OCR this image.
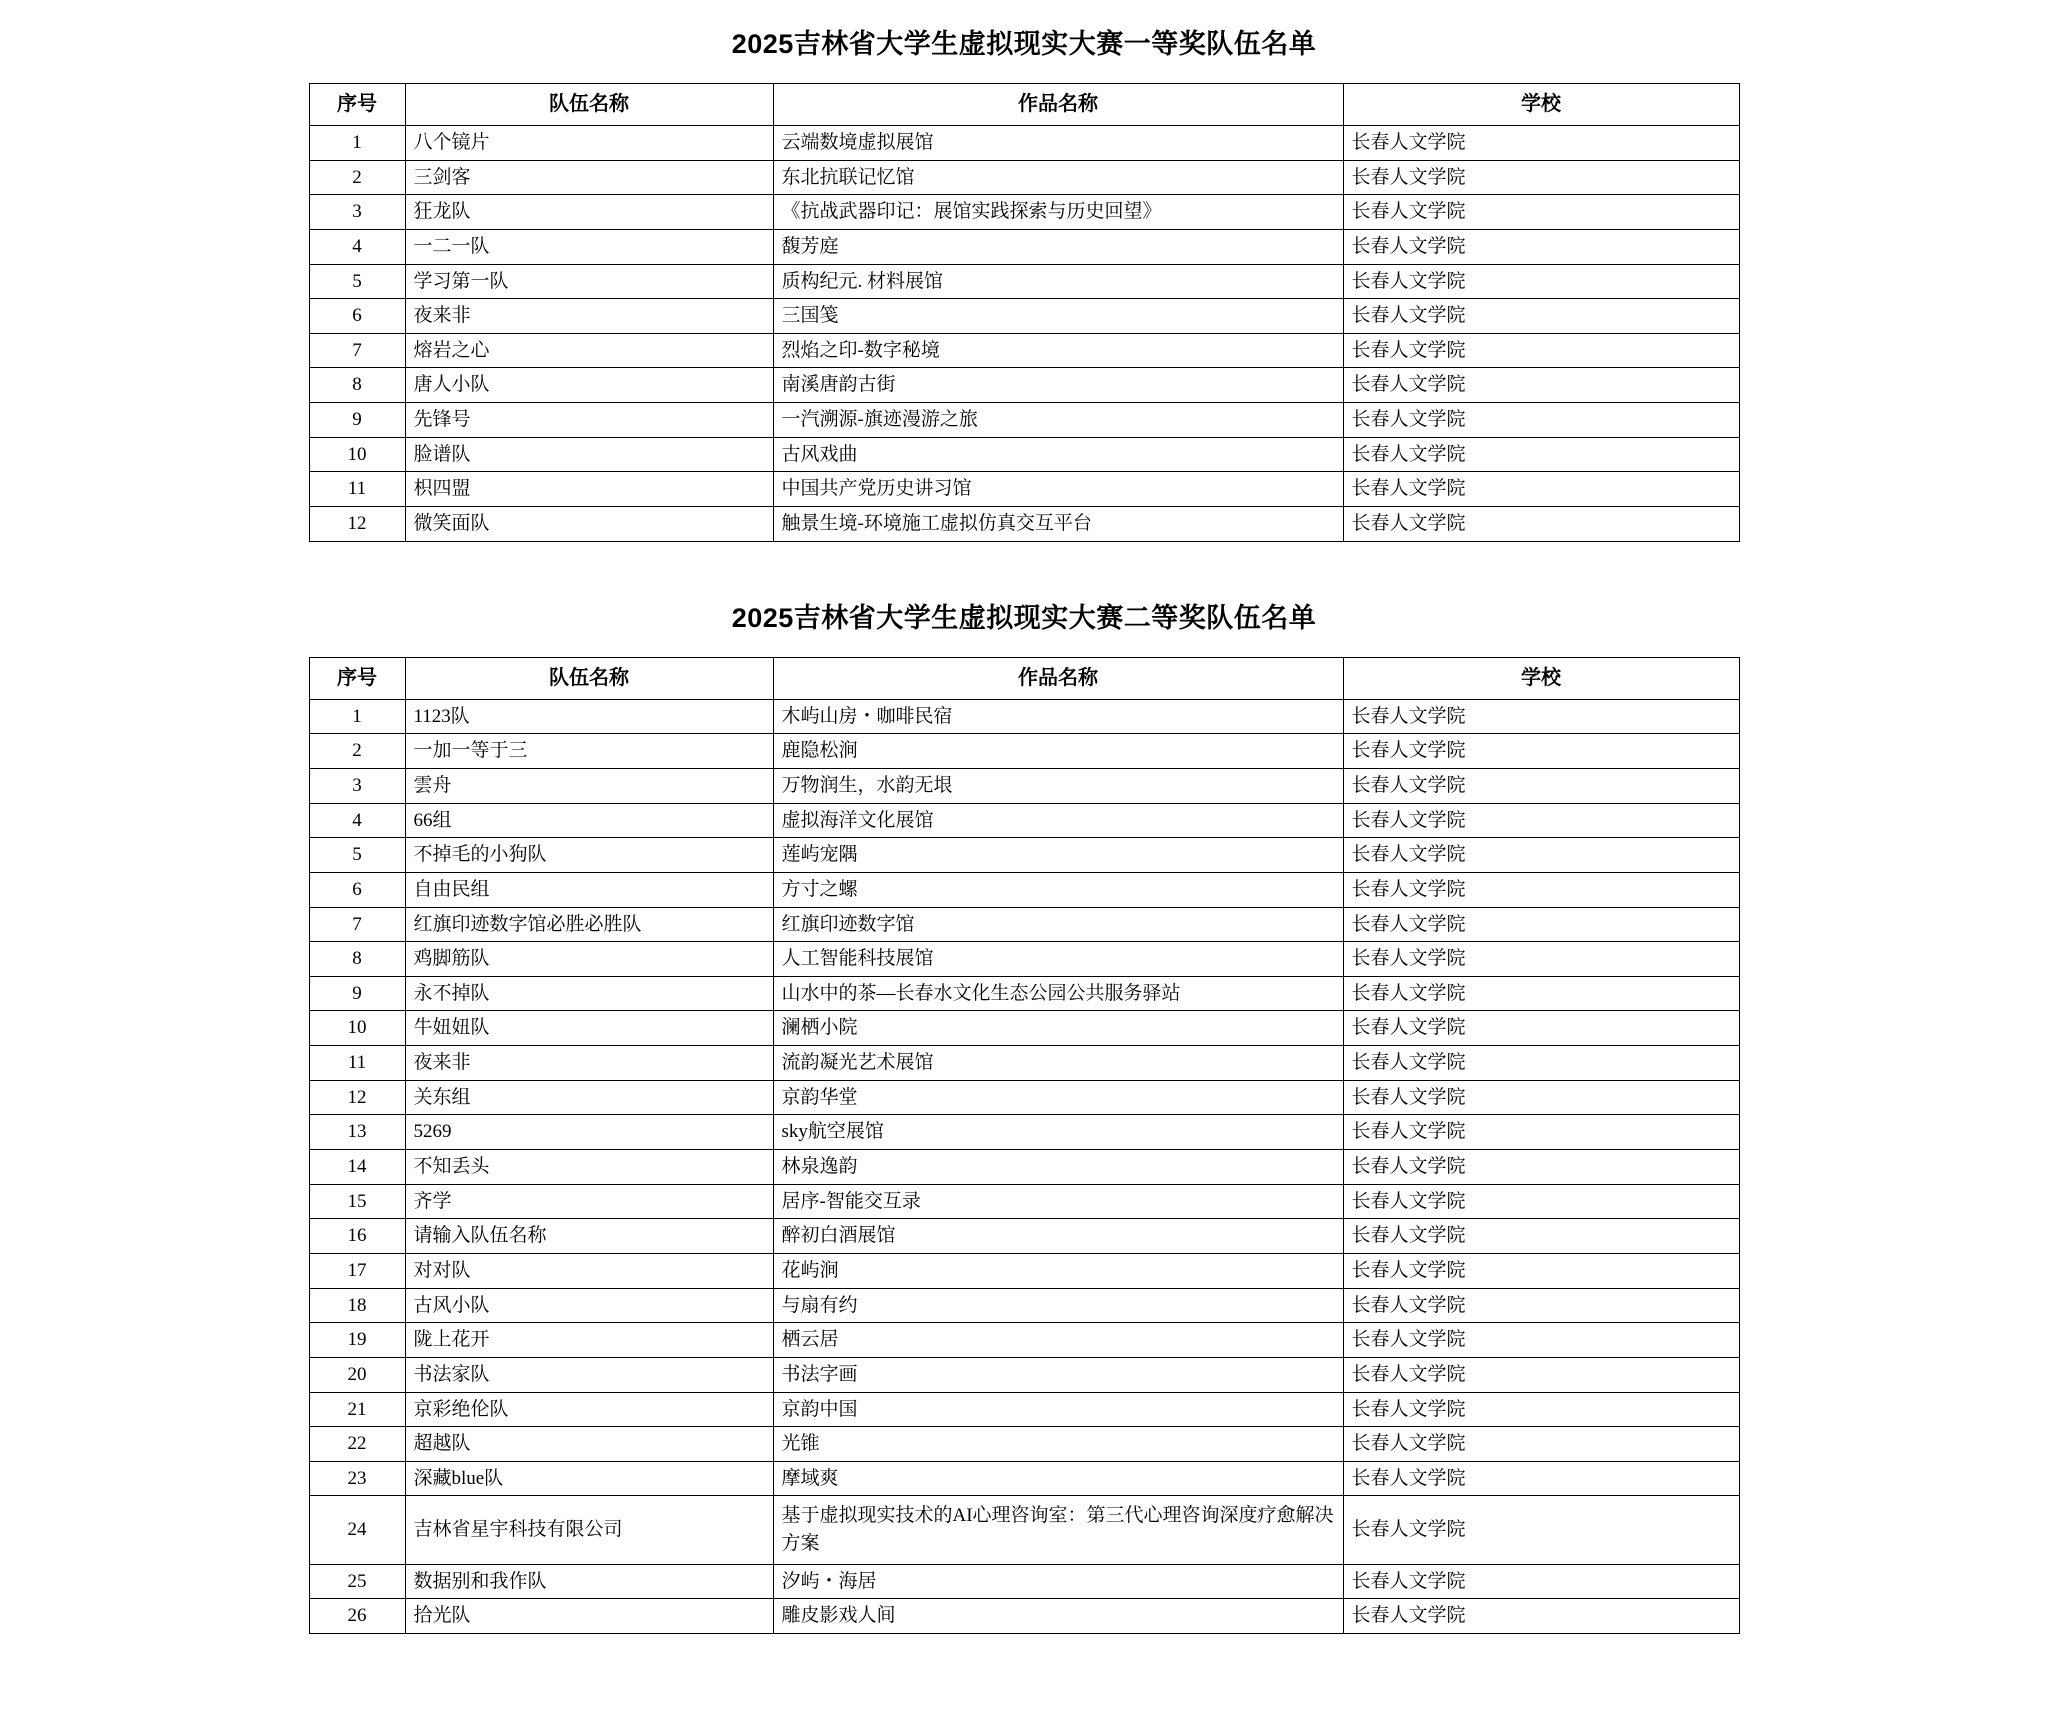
2025吉林省大学生虚拟现实大赛一等奖队伍名单
序号	队伍名称	作品名称	学校
1	八个镜片	云端数境虚拟展馆	长春人文学院
2	三剑客	东北抗联记忆馆	长春人文学院
3	狂龙队	《抗战武器印记：展馆实践探索与历史回望》	长春人文学院
4	一二一队	馥芳庭	长春人文学院
5	学习第一队	质构纪元. 材料展馆	长春人文学院
6	夜来非	三国笺	长春人文学院
7	熔岩之心	烈焰之印-数字秘境	长春人文学院
8	唐人小队	南溪唐韵古街	长春人文学院
9	先锋号	一汽溯源-旗迹漫游之旅	长春人文学院
10	脸谱队	古风戏曲	长春人文学院
11	枳四盟	中国共产党历史讲习馆	长春人文学院
12	微笑面队	触景生境-环境施工虚拟仿真交互平台	长春人文学院
2025吉林省大学生虚拟现实大赛二等奖队伍名单
序号	队伍名称	作品名称	学校
1	1123队	木屿山房・咖啡民宿	长春人文学院
2	一加一等于三	鹿隐松涧	长春人文学院
3	雲舟	万物润生，水韵无垠	长春人文学院
4	66组	虚拟海洋文化展馆	长春人文学院
5	不掉毛的小狗队	莲屿宠隅	长春人文学院
6	自由民组	方寸之螺	长春人文学院
7	红旗印迹数字馆必胜必胜队	红旗印迹数字馆	长春人文学院
8	鸡脚筋队	人工智能科技展馆	长春人文学院
9	永不掉队	山水中的茶—长春水文化生态公园公共服务驿站	长春人文学院
10	牛妞妞队	澜栖小院	长春人文学院
11	夜来非	流韵凝光艺术展馆	长春人文学院
12	关东组	京韵华堂	长春人文学院
13	5269	sky航空展馆	长春人文学院
14	不知丢头	林泉逸韵	长春人文学院
15	齐学	居序-智能交互录	长春人文学院
16	请输入队伍名称	醉初白酒展馆	长春人文学院
17	对对队	花屿涧	长春人文学院
18	古风小队	与扇有约	长春人文学院
19	陇上花开	栖云居	长春人文学院
20	书法家队	书法字画	长春人文学院
21	京彩绝伦队	京韵中国	长春人文学院
22	超越队	光锥	长春人文学院
23	深藏blue队	摩域爽	长春人文学院
24	吉林省星宇科技有限公司	基于虚拟现实技术的AI心理咨询室：第三代心理咨询深度疗愈解决方案	长春人文学院
25	数据别和我作队	汐屿・海居	长春人文学院
26	拾光队	雕皮影戏人间	长春人文学院
